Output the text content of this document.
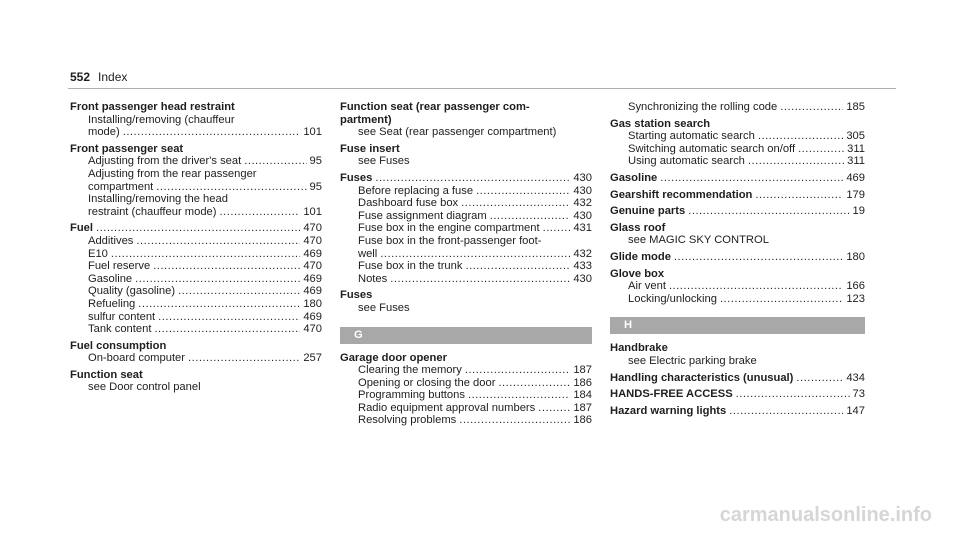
552 Index
Front passenger head restraint
Installing/removing (chauffeur
mode) .....	101
Front passenger seat
Adjusting from the driver's seat .....	95
Adjusting from the rear passenger
compartment .....	95
Installing/removing the head
restraint (chauffeur mode) .....	101
Fuel .....	470
Additives .....	470
E10 .....	469
Fuel reserve .....	470
Gasoline .....	469
Quality (gasoline) .....	469
Refueling .....	180
sulfur content .....	469
Tank content .....	470
Fuel consumption
On-board computer .....	257
Function seat
see Door control panel
Function seat (rear passenger com-
partment)
see Seat (rear passenger compartment)
Fuse insert
see Fuses
Fuses .....	430
Before replacing a fuse .....	430
Dashboard fuse box .....	432
Fuse assignment diagram .....	430
Fuse box in the engine compartment .....	431
Fuse box in the front-passenger foot-
well .....	432
Fuse box in the trunk .....	433
Notes .....	430
Fuses
see Fuses
G
Garage door opener
Clearing the memory .....	187
Opening or closing the door .....	186
Programming buttons .....	184
Radio equipment approval numbers .....	187
Resolving problems .....	186
Synchronizing the rolling code .....	185
Gas station search
Starting automatic search .....	305
Switching automatic search on/off .....	311
Using automatic search .....	311
Gasoline .....	469
Gearshift recommendation .....	179
Genuine parts .....	19
Glass roof
see MAGIC SKY CONTROL
Glide mode .....	180
Glove box
Air vent .....	166
Locking/unlocking .....	123
H
Handbrake
see Electric parking brake
Handling characteristics (unusual) .....	434
HANDS-FREE ACCESS .....	73
Hazard warning lights .....	147
carmanualsonline.info
